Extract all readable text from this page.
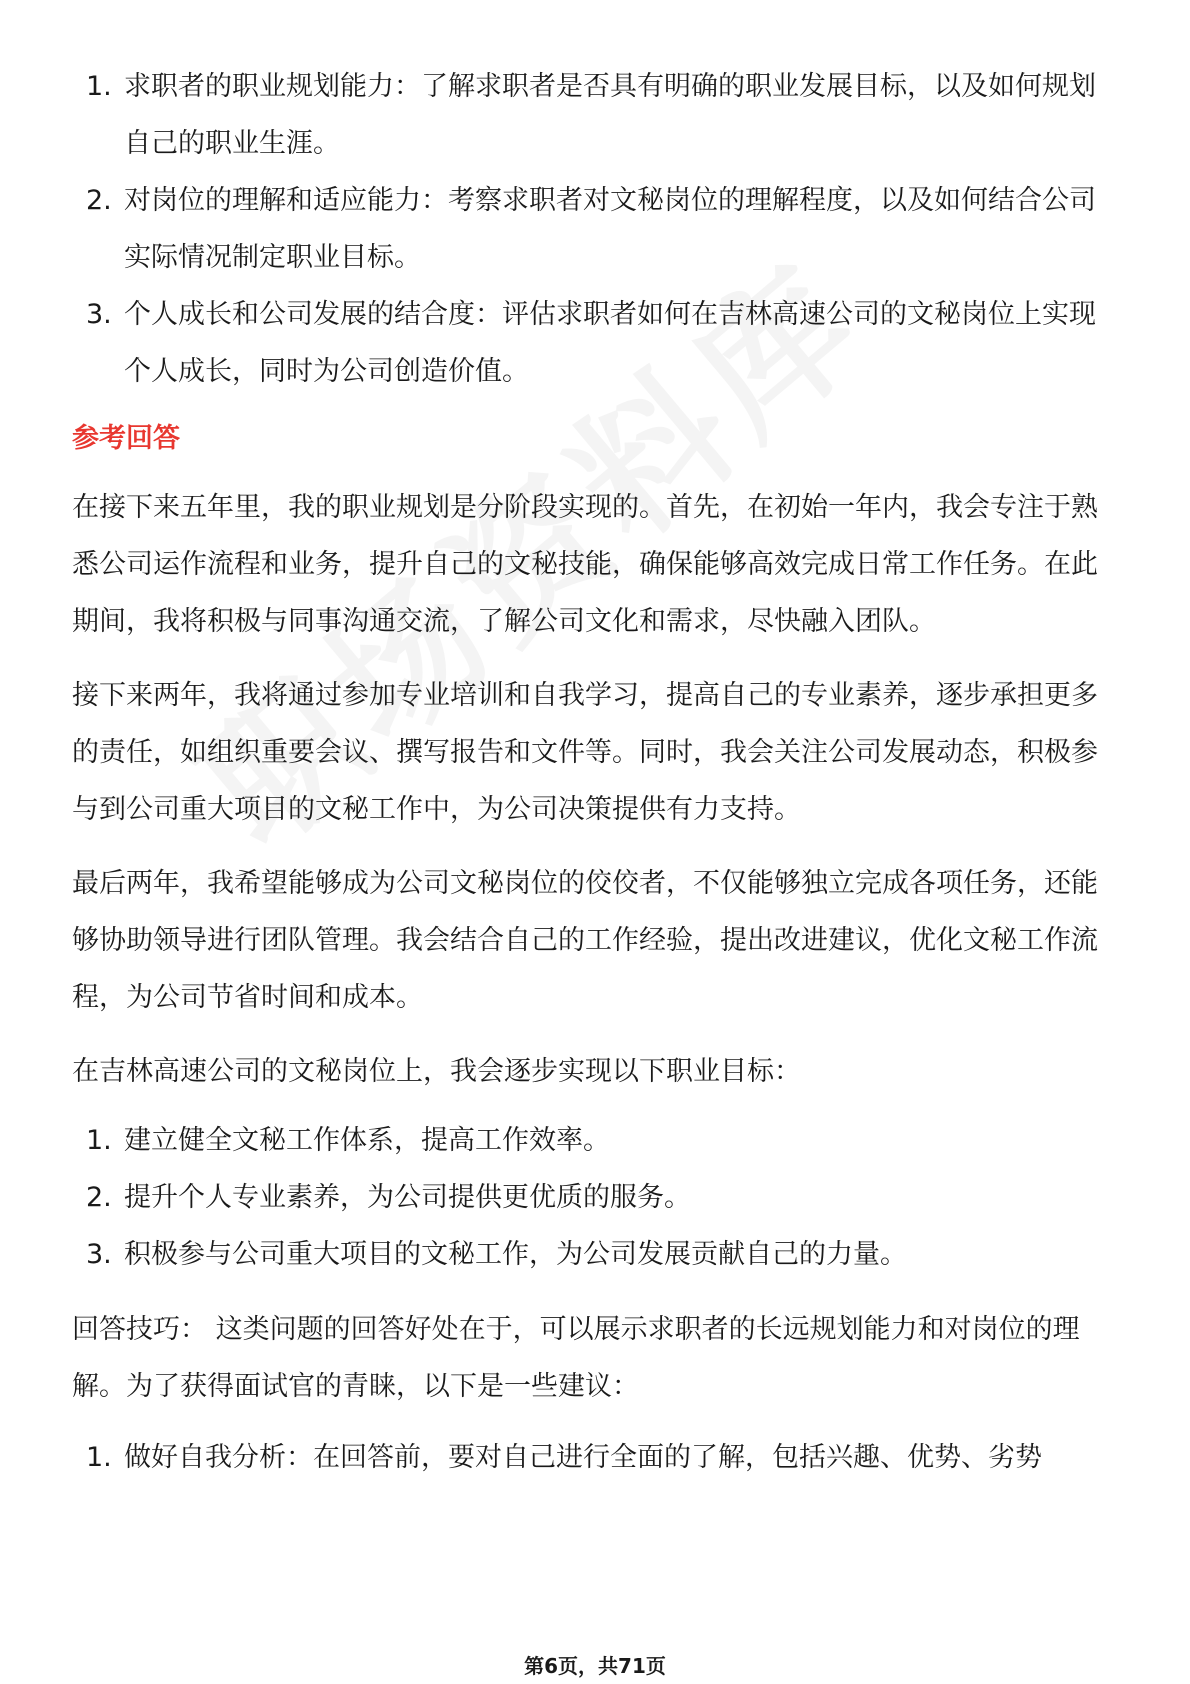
1. 求职者的职业规划能力：了解求职者是否具有明确的职业发展目标，以及如何规划自己的职业生涯。
2. 对岗位的理解和适应能力：考察求职者对文秘岗位的理解程度，以及如何结合公司实际情况制定职业目标。
3. 个人成长和公司发展的结合度：评估求职者如何在吉林高速公司的文秘岗位上实现个人成长，同时为公司创造价值。
参考回答

在接下来五年里，我的职业规划是分阶段实现的。首先，在初始一年内，我会专注于熟悉公司运作流程和业务，提升自己的文秘技能，确保能够高效完成日常工作任务。在此期间，我将积极与同事沟通交流，了解公司文化和需求，尽快融入团队。

接下来两年，我将通过参加专业培训和自我学习，提高自己的专业素养，逐步承担更多的责任，如组织重要会议、撰写报告和文件等。同时，我会关注公司发展动态，积极参与到公司重大项目的文秘工作中，为公司决策提供有力支持。

最后两年，我希望能够成为公司文秘岗位的佼佼者，不仅能够独立完成各项任务，还能够协助领导进行团队管理。我会结合自己的工作经验，提出改进建议，优化文秘工作流程，为公司节省时间和成本。

在吉林高速公司的文秘岗位上，我会逐步实现以下职业目标：

1. 建立健全文秘工作体系，提高工作效率。
2. 提升个人专业素养，为公司提供更优质的服务。
3. 积极参与公司重大项目的文秘工作，为公司发展贡献自己的力量。

回答技巧： 这类问题的回答好处在于，可以展示求职者的长远规划能力和对岗位的理解。为了获得面试官的青睐，以下是一些建议：

1. 做好自我分析：在回答前，要对自己进行全面的了解，包括兴趣、优势、劣势
第6页，共71页
